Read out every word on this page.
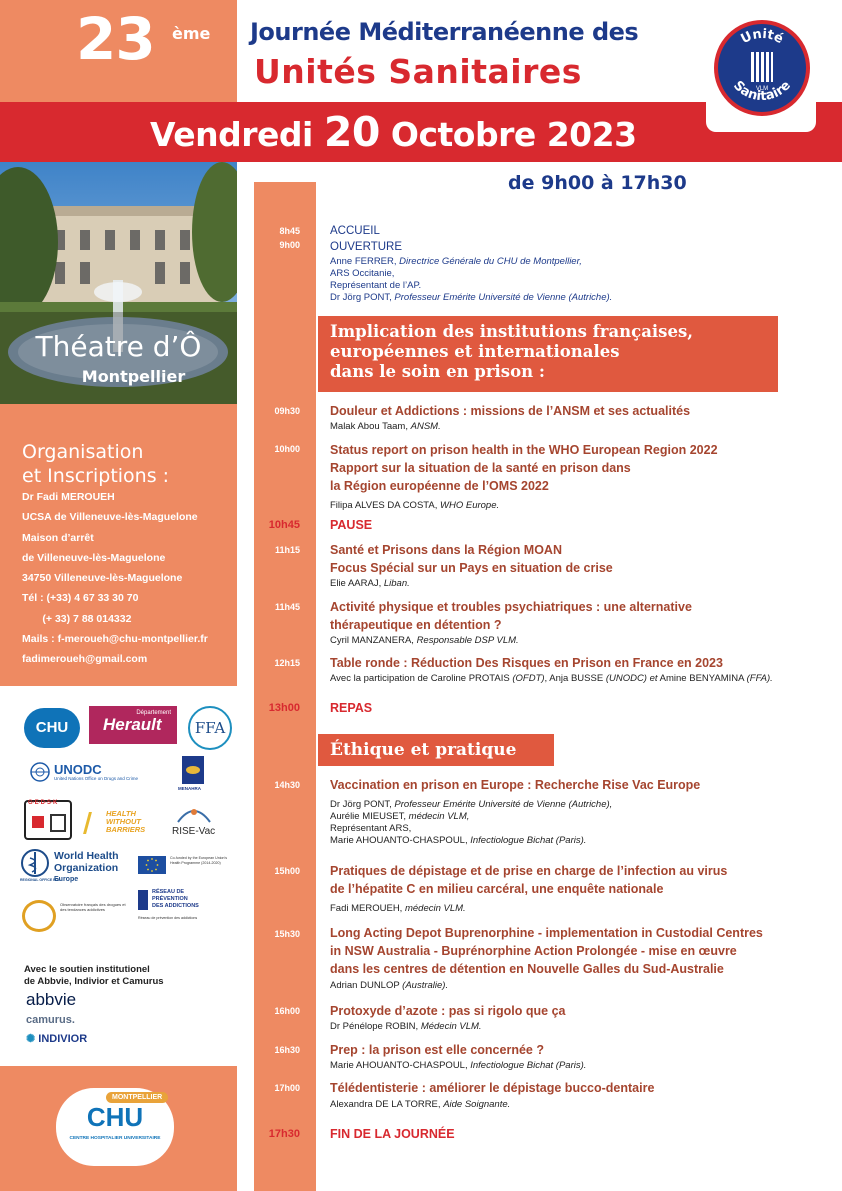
23 ème Journée Méditerranéenne des
Unités Sanitaires
Vendredi 20 Octobre 2023
de 9h00 à 17h30
Unité
Sanitaire
VLM
Théatre d’Ô
Montpellier
Organisation
et Inscriptions :
Dr Fadi MEROUEH
UCSA de Villeneuve-lès-Maguelone
Maison d’arrêt
de Villeneuve-lès-Maguelone
34750 Villeneuve-lès-Maguelone
Tél : (+33) 4 67 33 30 70
(+ 33) 7 88 014332
Mails : f-meroueh@chu-montpellier.fr
fadimeroueh@gmail.com
CHU
Département
Herault	FFA
UNODC
United Nations Office on Drugs and Crime
MENAHRA
G·E·D·S·K
HEALTH WITHOUT BARRIERS	RISE-Vac
World Health
Organization
REGIONAL OFFICE FOR
Europe
Co-funded by the European Union’s Health Programme (2014-2020)
Observatoire français des drogues et des tendances addictives
RÉSEAU DE
PRÉVENTION
DES ADDICTIONS
Réseau de prévention des addictions
Avec le soutien institutionel
de Abbvie, Indivior et Camurus
abbvie
camurus.
✺ INDIVIOR
MONTPELLIER
CHU
CENTRE HOSPITALIER UNIVERSITAIRE
8h45
9h00
ACCUEIL
OUVERTURE
Anne FERRER, Directrice Générale du CHU de Montpellier,
ARS Occitanie,
Représentant de l’AP.
Dr Jörg PONT, Professeur Emérite Université de Vienne (Autriche).
Implication des institutions françaises,
européennes et internationales
dans le soin en prison :
09h30 Douleur et Addictions : missions de l’ANSM et ses actualités
Malak Abou Taam, ANSM.
10h00 Status report on prison health in the WHO European Region 2022
Rapport sur la situation de la santé en prison dans
la Région européenne de l’OMS 2022
Filipa ALVES DA COSTA, WHO Europe.
10h45 PAUSE
11h15 Santé et Prisons dans la Région MOAN
Focus Spécial sur un Pays en situation de crise
Elie AARAJ, Liban.
11h45 Activité physique et troubles psychiatriques : une alternative
thérapeutique en détention ?
Cyril MANZANERA, Responsable DSP VLM.
12h15 Table ronde : Réduction Des Risques en Prison en France en 2023
Avec la participation de Caroline PROTAIS (OFDT), Anja BUSSE (UNODC) et Amine BENYAMINA (FFA).
13h00 REPAS
Éthique et pratique
14h30 Vaccination en prison en Europe : Recherche Rise Vac Europe
Dr Jörg PONT, Professeur Emérite Université de Vienne (Autriche),
Aurélie MIEUSET, médecin VLM,
Représentant ARS,
Marie AHOUANTO-CHASPOUL, Infectiologue Bichat (Paris).
15h00 Pratiques de dépistage et de prise en charge de l’infection au virus
de l’hépatite C en milieu carcéral, une enquête nationale
Fadi MEROUEH, médecin VLM.
15h30 Long Acting Depot Buprenorphine - implementation in Custodial Centres
in NSW Australia - Buprénorphine Action Prolongée - mise en œuvre
dans les centres de détention en Nouvelle Galles du Sud-Australie
Adrian DUNLOP (Australie).
16h00 Protoxyde d’azote : pas si rigolo que ça
Dr Pénélope ROBIN, Médecin VLM.
16h30 Prep : la prison est elle concernée ?
Marie AHOUANTO-CHASPOUL, Infectiologue Bichat (Paris).
17h00 Télédentisterie : améliorer le dépistage bucco-dentaire
Alexandra DE LA TORRE, Aide Soignante.
17h30 FIN DE LA JOURNÉE
